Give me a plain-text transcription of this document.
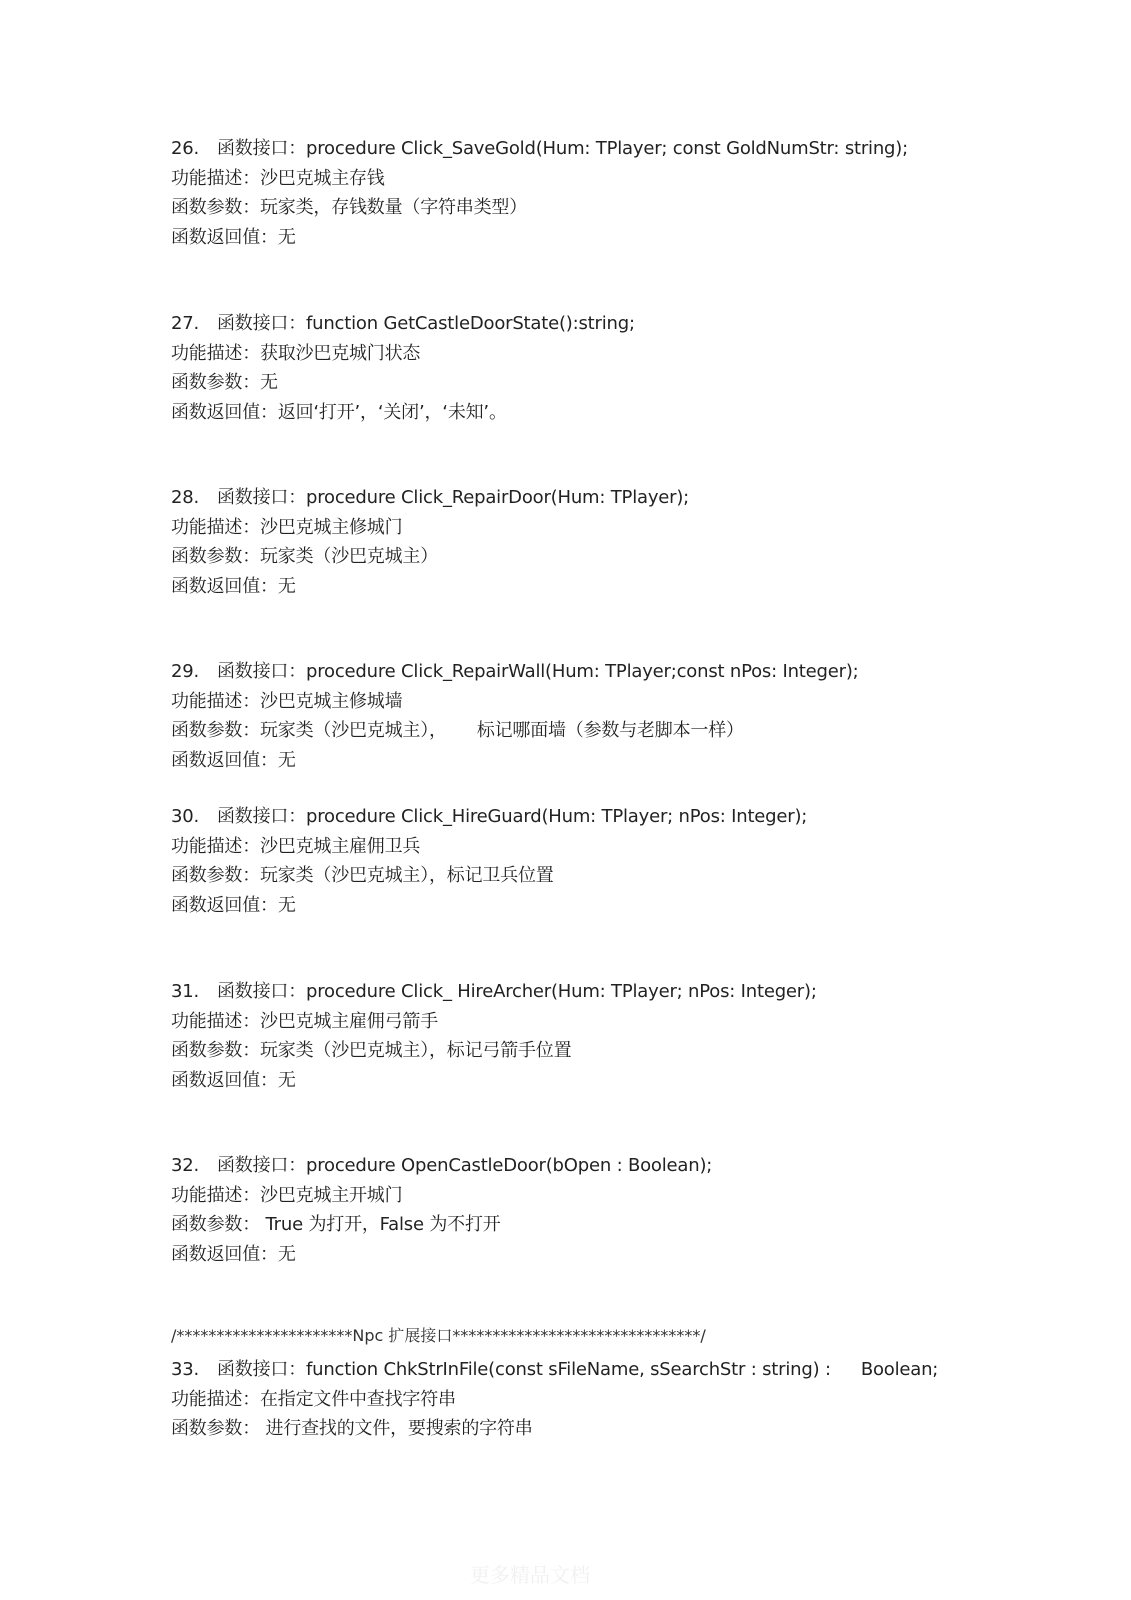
26. 函数接口：procedure Click_SaveGold(Hum: TPlayer; const GoldNumStr: string);
功能描述：沙巴克城主存钱
函数参数：玩家类，存钱数量（字符串类型）
函数返回值：无
27. 函数接口：function GetCastleDoorState():string;
功能描述：获取沙巴克城门状态
函数参数：无
函数返回值：返回‘打开’，‘关闭’，‘未知’。
28. 函数接口：procedure Click_RepairDoor(Hum: TPlayer);
功能描述：沙巴克城主修城门
函数参数：玩家类（沙巴克城主）
函数返回值：无
29. 函数接口：procedure Click_RepairWall(Hum: TPlayer;const nPos: Integer);
功能描述：沙巴克城主修城墙
函数参数：玩家类（沙巴克城主）， 标记哪面墙（参数与老脚本一样）
函数返回值：无
30. 函数接口：procedure Click_HireGuard(Hum: TPlayer; nPos: Integer);
功能描述：沙巴克城主雇佣卫兵
函数参数：玩家类（沙巴克城主），标记卫兵位置
函数返回值：无
31. 函数接口：procedure Click_ HireArcher(Hum: TPlayer; nPos: Integer);
功能描述：沙巴克城主雇佣弓箭手
函数参数：玩家类（沙巴克城主），标记弓箭手位置
函数返回值：无
32. 函数接口：procedure OpenCastleDoor(bOpen : Boolean);
功能描述：沙巴克城主开城门
函数参数： True 为打开，False 为不打开
函数返回值：无
/**********************Npc 扩展接口*******************************/
33. 函数接口：function ChkStrInFile(const sFileName, sSearchStr : string) : Boolean;
功能描述：在指定文件中查找字符串
函数参数： 进行查找的文件，要搜索的字符串
更多精品文档
